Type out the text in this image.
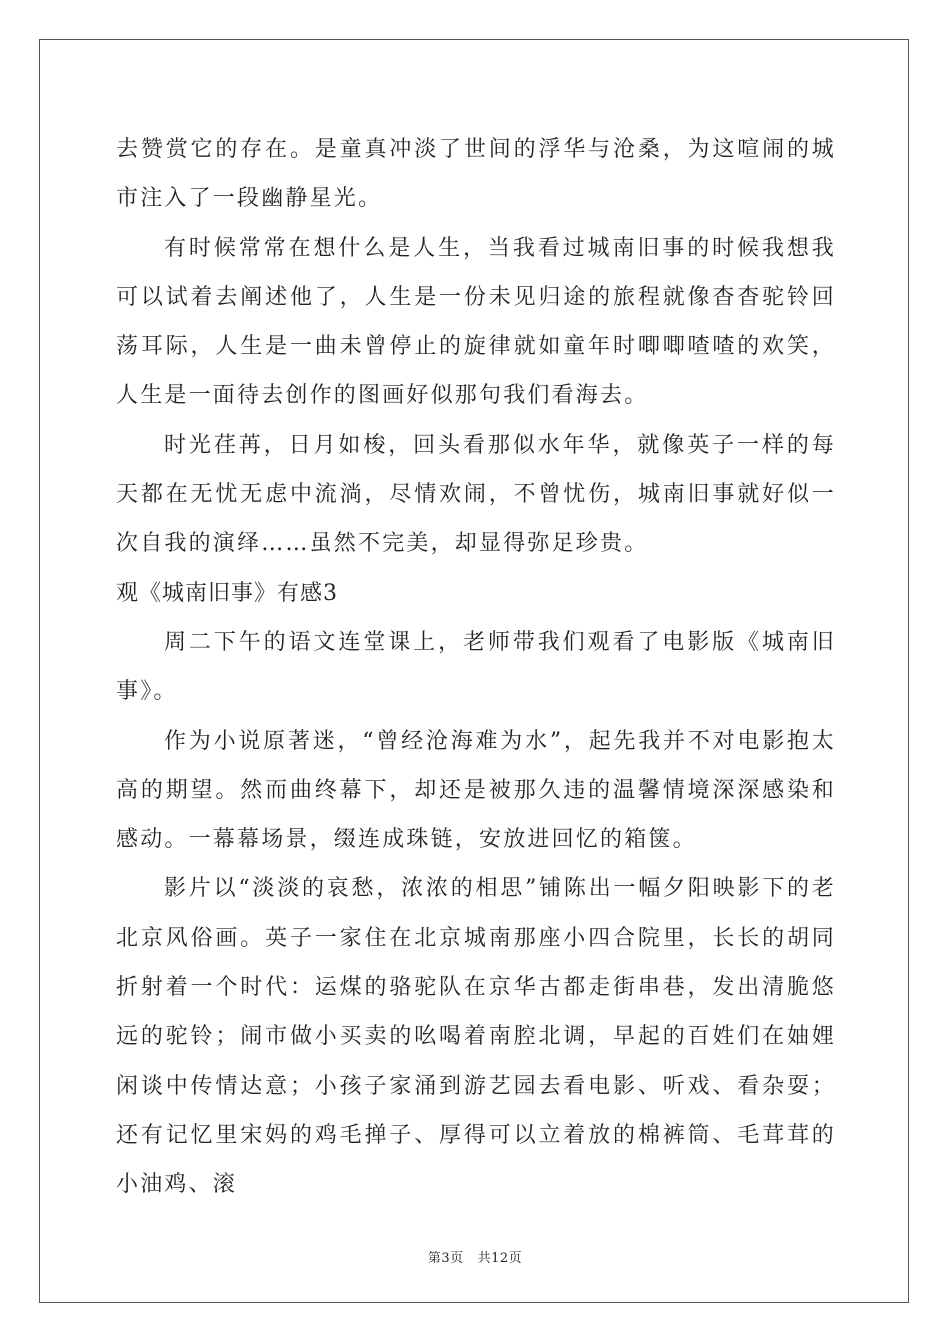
去赞赏它的存在。是童真冲淡了世间的浮华与沧桑，为这喧闹的城市注入了一段幽静星光。

有时候常常在想什么是人生，当我看过城南旧事的时候我想我可以试着去阐述他了，人生是一份未见归途的旅程就像杳杳驼铃回荡耳际，人生是一曲未曾停止的旋律就如童年时唧唧喳喳的欢笑，人生是一面待去创作的图画好似那句我们看海去。

时光荏苒，日月如梭，回头看那似水年华，就像英子一样的每天都在无忧无虑中流淌，尽情欢闹，不曾忧伤，城南旧事就好似一次自我的演绎……虽然不完美，却显得弥足珍贵。

观《城南旧事》有感3

周二下午的语文连堂课上，老师带我们观看了电影版《城南旧事》。

作为小说原著迷，“曾经沧海难为水”，起先我并不对电影抱太高的期望。然而曲终幕下，却还是被那久违的温馨情境深深感染和感动。一幕幕场景，缀连成珠链，安放进回忆的箱箧。

影片以“淡淡的哀愁，浓浓的相思”铺陈出一幅夕阳映影下的老北京风俗画。英子一家住在北京城南那座小四合院里，长长的胡同折射着一个时代：运煤的骆驼队在京华古都走街串巷，发出清脆悠远的驼铃；闹市做小买卖的吆喝着南腔北调，早起的百姓们在妯娌闲谈中传情达意；小孩子家涌到游艺园去看电影、听戏、看杂耍；还有记忆里宋妈的鸡毛掸子、厚得可以立着放的棉裤筒、毛茸茸的小油鸡、滚

第3页 共12页
